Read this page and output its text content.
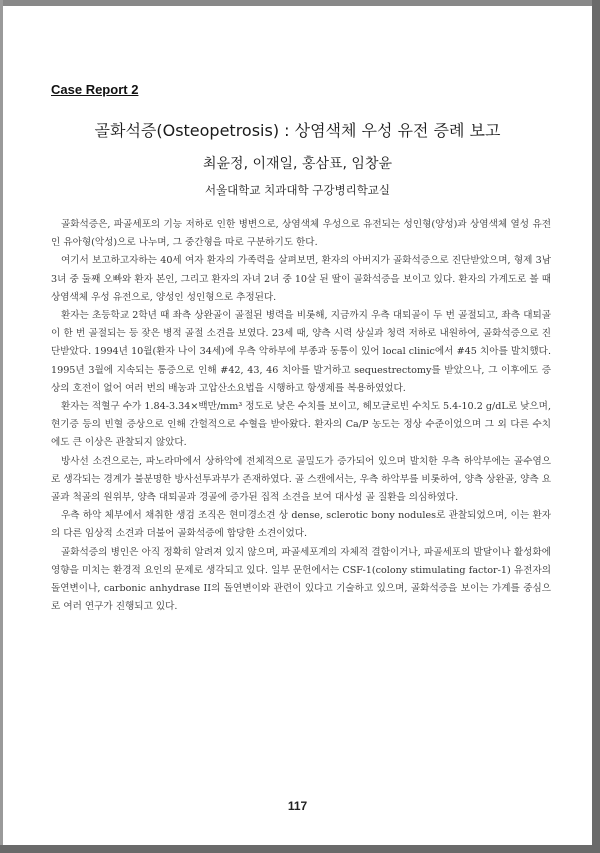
Case Report 2
골화석증(Osteopetrosis) : 상염색체 우성 유전 증례 보고
최윤정, 이재일, 홍삼표, 임창윤
서울대학교 치과대학 구강병리학교실

골화석증은, 파골세포의 기능 저하로 인한 병변으로, 상염색체 우성으로 유전되는 성인형(양성)과 상염색체 열성 유전인 유아형(악성)으로 나누며, 그 중간형을 따로 구분하기도 한다.

여기서 보고하고자하는 40세 여자 환자의 가족력을 살펴보면, 환자의 아버지가 골화석증으로 진단받았으며, 형제 3남 3녀 중 둘째 오빠와 환자 본인, 그리고 환자의 자녀 2녀 중 10살 된 딸이 골화석증을 보이고 있다. 환자의 가계도로 볼 때 상염색체 우성 유전으로, 양성인 성인형으로 추정된다.

환자는 초등학교 2학년 때 좌측 상완골이 골절된 병력을 비롯해, 지금까지 우측 대퇴골이 두 번 골절되고, 좌측 대퇴골이 한 번 골절되는 등 잦은 병적 골절 소견을 보였다. 23세 때, 양측 시력 상실과 청력 저하로 내원하여, 골화석증으로 진단받았다. 1994년 10월(환자 나이 34세)에 우측 악하부에 부종과 동통이 있어 local clinic에서 #45 치아를 발치했다. 1995년 3월에 지속되는 통증으로 인해 #42, 43, 46 치아를 발거하고 sequestrectomy를 받았으나, 그 이후에도 증상의 호전이 없어 여러 번의 배농과 고압산소요법을 시행하고 항생제를 복용하였었다.

환자는 적혈구 수가 1.84-3.34×백만/mm³ 정도로 낮은 수치를 보이고, 헤모글로빈 수치도 5.4-10.2 g/dL로 낮으며, 현기증 등의 빈혈 증상으로 인해 간헐적으로 수혈을 받아왔다. 환자의 Ca/P 농도는 정상 수준이었으며 그 외 다른 수치에도 큰 이상은 관찰되지 않았다.

방사선 소견으로는, 파노라마에서 상하악에 전체적으로 골밀도가 증가되어 있으며 발치한 우측 하악부에는 골수염으로 생각되는 경계가 불분명한 방사선투과부가 존재하였다. 골 스캔에서는, 우측 하악부를 비롯하여, 양측 상완골, 양측 요골과 척골의 원위부, 양측 대퇴골과 경골에 증가된 집적 소견을 보여 대사성 골 질환을 의심하였다.

우측 하악 체부에서 채취한 생검 조직은 현미경소견 상 dense, sclerotic bony nodules로 관찰되었으며, 이는 환자의 다른 임상적 소견과 더불어 골화석증에 합당한 소견이었다.

골화석증의 병인은 아직 정확히 알려져 있지 않으며, 파골세포계의 자체적 결함이거나, 파골세포의 발달이나 활성화에 영향을 미치는 환경적 요인의 문제로 생각되고 있다. 일부 문헌에서는 CSF-1(colony stimulating factor-1) 유전자의 돌연변이나, carbonic anhydrase II의 돌연변이와 관련이 있다고 기술하고 있으며, 골화석증을 보이는 가계를 중심으로 여러 연구가 진행되고 있다.

117
